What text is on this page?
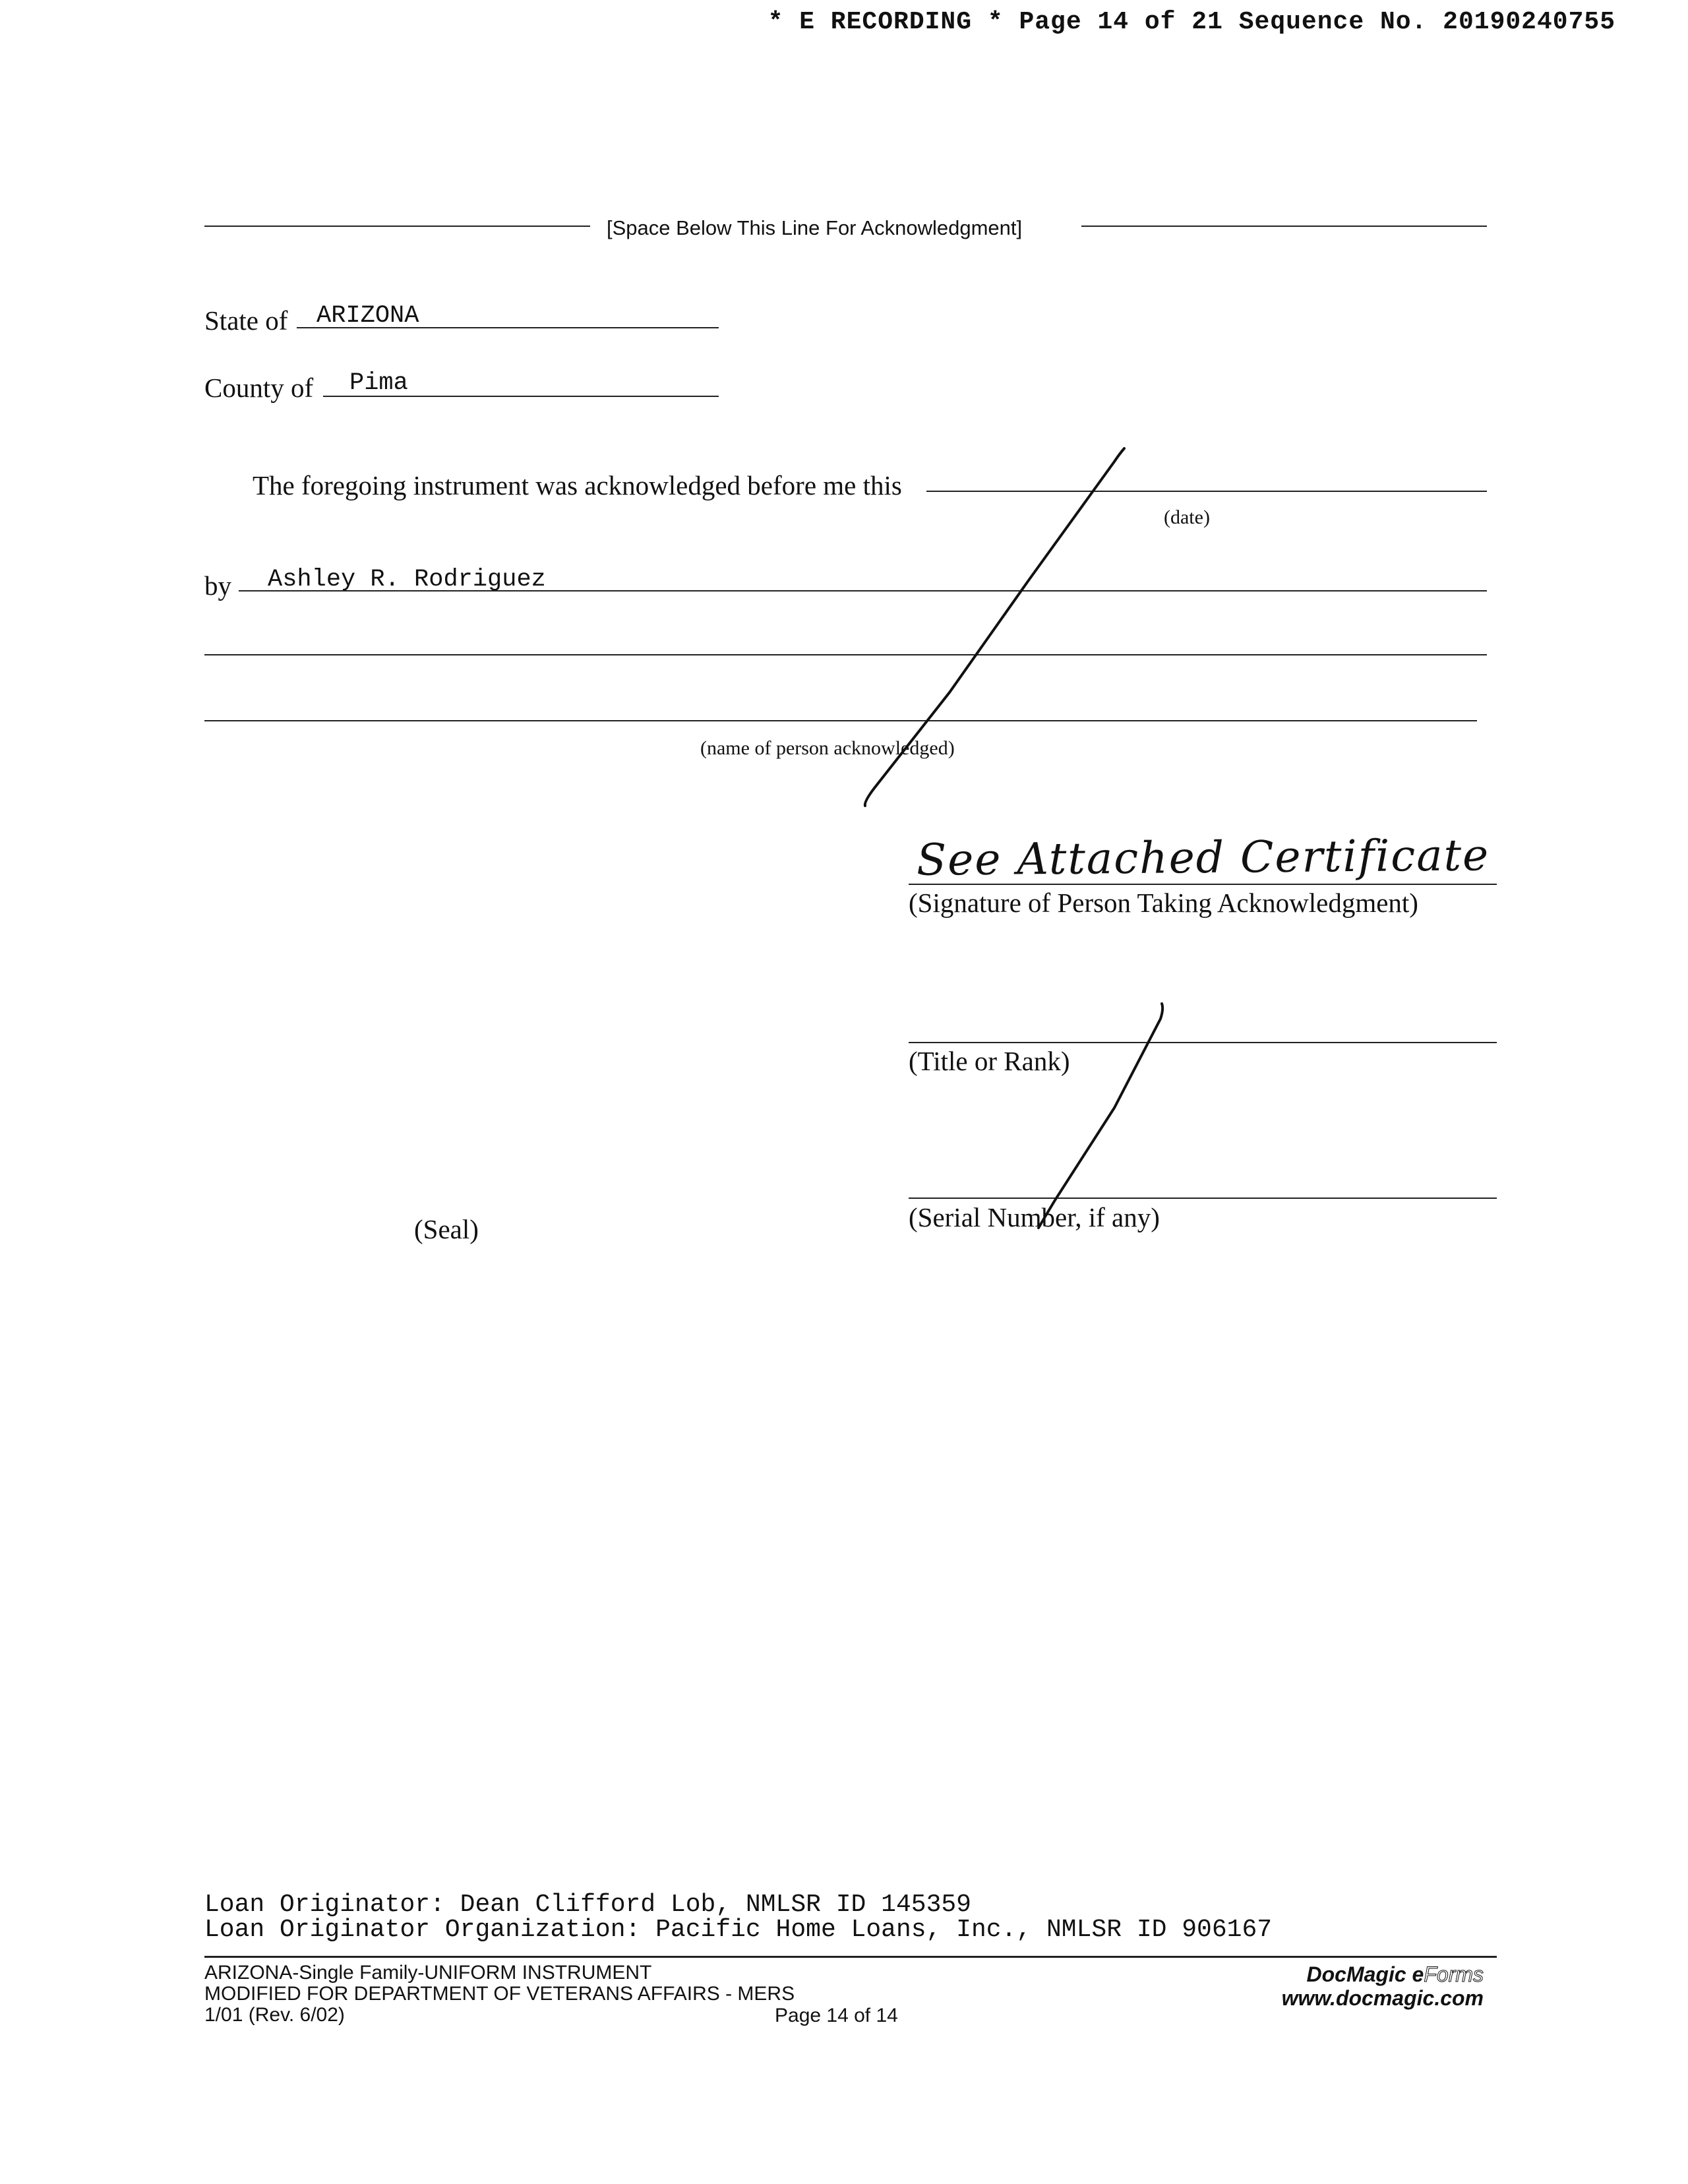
* E RECORDING * Page 14 of 21 Sequence No. 20190240755
[Space Below This Line For Acknowledgment]
State of ARIZONA
County of Pima
The foregoing instrument was acknowledged before me this
(date)
by Ashley R. Rodriguez
(name of person acknowledged)
See Attached Certificate
(Signature of Person Taking Acknowledgment)
(Title or Rank)
(Seal)	(Serial Number, if any)
Loan Originator: Dean Clifford Lob, NMLSR ID 145359
Loan Originator Organization: Pacific Home Loans, Inc., NMLSR ID 906167
ARIZONA-Single Family-UNIFORM INSTRUMENT
MODIFIED FOR DEPARTMENT OF VETERANS AFFAIRS - MERS
1/01 (Rev. 6/02)	Page 14 of 14
DocMagic eForms
www.docmagic.com
